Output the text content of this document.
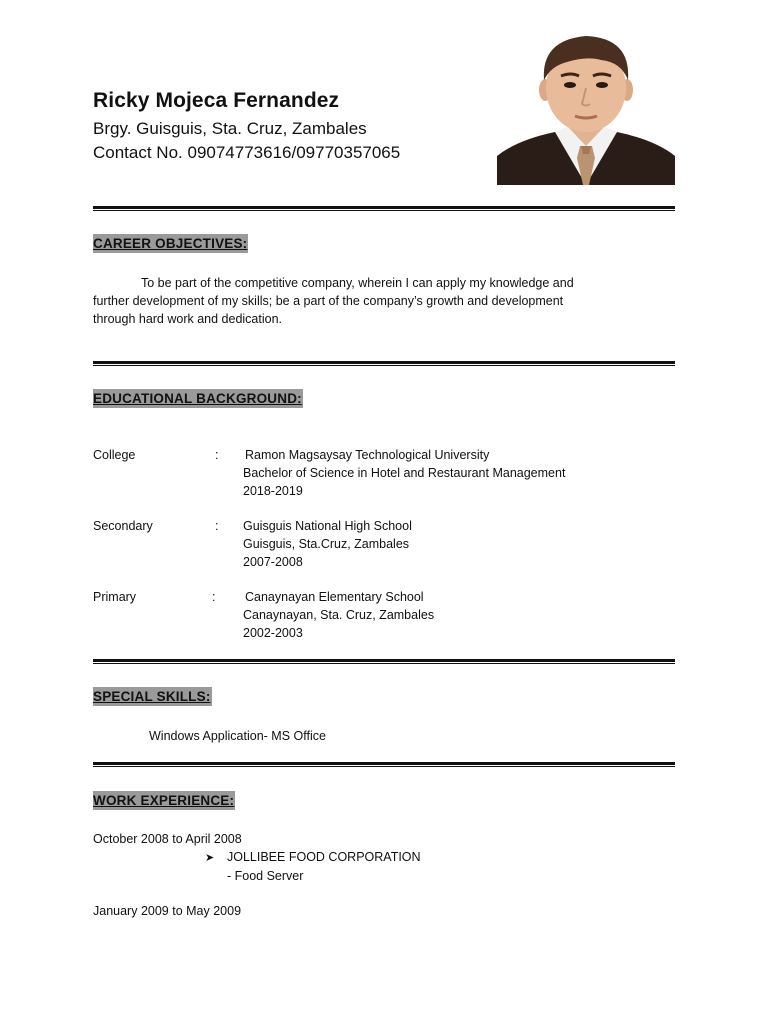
Ricky Mojeca Fernandez
Brgy. Guisguis, Sta. Cruz, Zambales
Contact No. 09074773616/09770357065
CAREER OBJECTIVES:
To be part of the competitive company, wherein I can apply my knowledge and
further development of my skills; be a part of the company’s growth and development
through hard work and dedication.
EDUCATIONAL BACKGROUND:
College	: Ramon Magsaysay Technological University
Bachelor of Science in Hotel and Restaurant Management
2018-2019
Secondary	: Guisguis National High School
Guisguis, Sta.Cruz, Zambales
2007-2008
Primary	: Canaynayan Elementary School
Canaynayan, Sta. Cruz, Zambales
2002-2003
SPECIAL SKILLS:
Windows Application- MS Office
WORK EXPERIENCE:
October 2008 to April 2008
➤ JOLLIBEE FOOD CORPORATION
- Food Server
January 2009 to May 2009
